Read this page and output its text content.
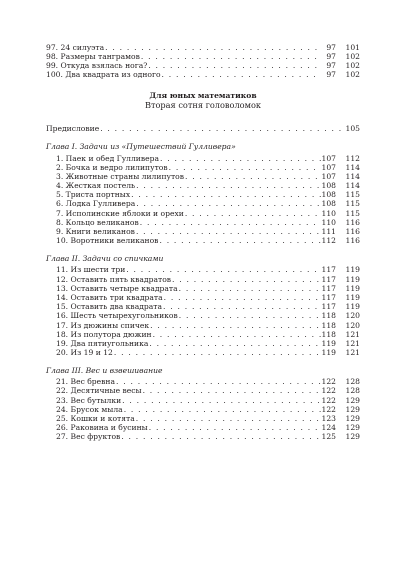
97. 24 силуэта . . .	97	101
98. Размеры танграмов . . .	97	102
99. Откуда взялась нога? . . .	97	102
100. Два квадрата из одного . . .	97	102
Для юных математиков
Вторая сотня головоломок
Предисловие . . .	105
Глава I. Задачи из «Путешествий Гулливера»
1. Паек и обед Гулливера . . .	107	112
2. Бочка и ведро лилипутов . . .	107	114
3. Животные страны лилипутов . . .	107	114
4. Жесткая постель . . .	108	114
5. Триста портных . . .	108	115
6. Лодка Гулливера . . .	108	115
7. Исполинские яблоки и орехи . . .	110	115
8. Кольцо великанов . . .	110	116
9. Книги великанов . . .	111	116
10. Воротники великанов . . .	112	116
Глава II. Задачи со спичками
11. Из шести три . . .	117	119
12. Оставить пять квадратов . . .	117	119
13. Оставить четыре квадрата . . .	117	119
14. Оставить три квадрата . . .	117	119
15. Оставить два квадрата . . .	117	119
16. Шесть четырехугольников . . .	118	120
17. Из дюжины спичек . . .	118	120
18. Из полутора дюжин . . .	118	121
19. Два пятиугольника . . .	119	121
20. Из 19 и 12 . . .	119	121
Глава III. Вес и взвешивание
21. Вес бревна . . .	122	128
22. Десятичные весы . . .	122	128
23. Вес бутылки . . .	122	129
24. Брусок мыла . . .	122	129
25. Кошки и котята . . .	123	129
26. Раковина и бусины . . .	124	129
27. Вес фруктов . . .	125	129
